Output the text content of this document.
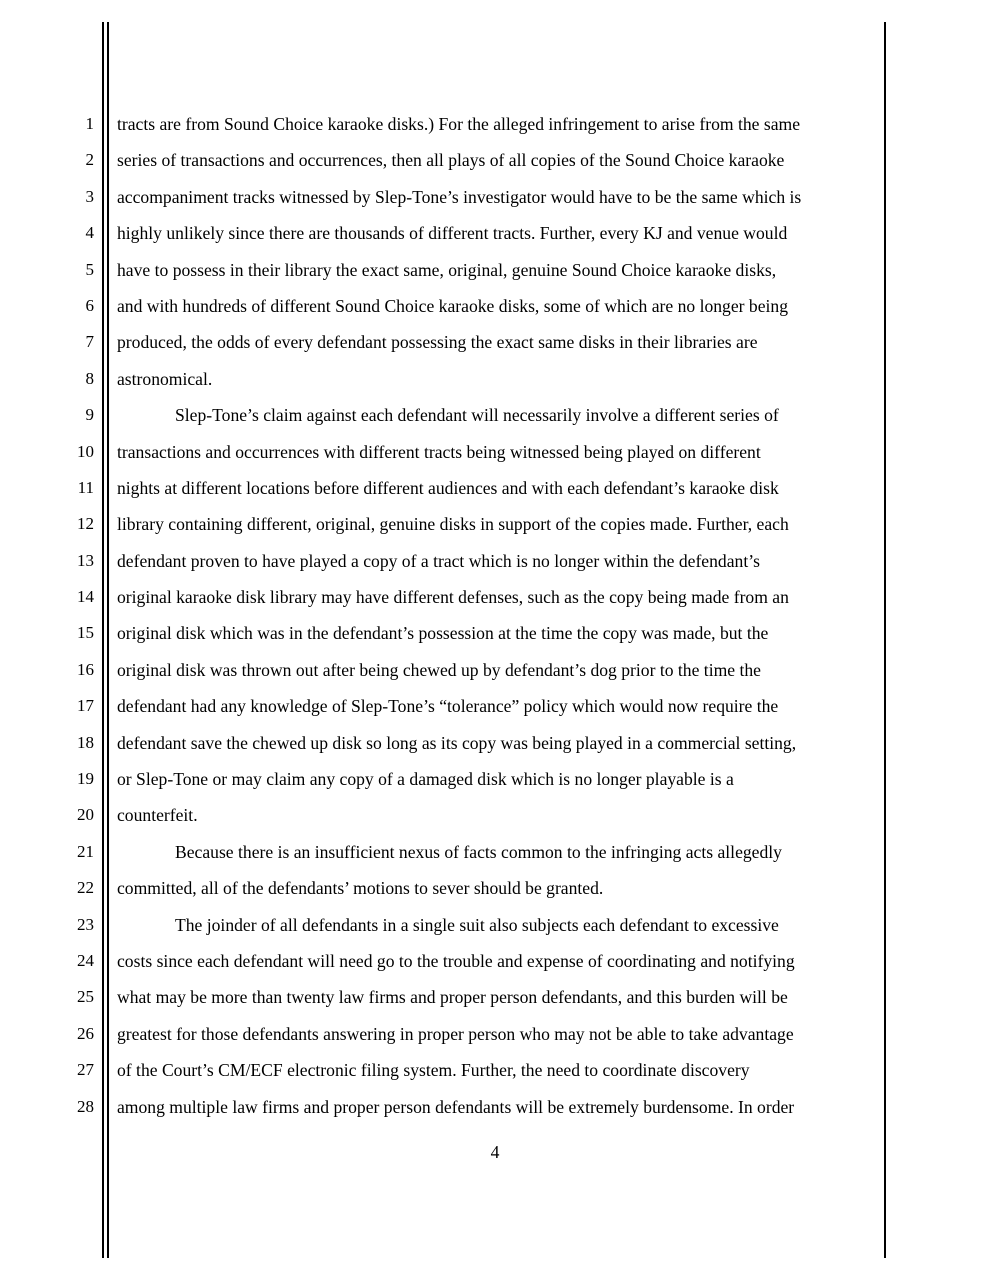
1
2
3
4
5
6
7
8
9
10
11
12
13
14
15
16
17
18
19
20
21
22
23
24
25
26
27
28
tracts are from Sound Choice karaoke disks.) For the alleged infringement to arise from the same
series of transactions and occurrences, then all plays of all copies of the Sound Choice karaoke
accompaniment tracks witnessed by Slep-Tone’s investigator would have to be the same which is
highly unlikely since there are thousands of different tracts. Further, every KJ and venue would
have to possess in their library the exact same, original, genuine Sound Choice karaoke disks,
and with hundreds of different Sound Choice karaoke disks, some of which are no longer being
produced, the odds of every defendant possessing the exact same disks in their libraries are
astronomical.
Slep-Tone’s claim against each defendant will necessarily involve a different series of
transactions and occurrences with different tracts being witnessed being played on different
nights at different locations before different audiences and with each defendant’s karaoke disk
library containing different, original, genuine disks in support of the copies made. Further, each
defendant proven to have played a copy of a tract which is no longer within the defendant’s
original karaoke disk library may have different defenses, such as the copy being made from an
original disk which was in the defendant’s possession at the time the copy was made, but the
original disk was thrown out after being chewed up by defendant’s dog prior to the time the
defendant had any knowledge of Slep-Tone’s “tolerance” policy which would now require the
defendant save the chewed up disk so long as its copy was being played in a commercial setting,
or Slep-Tone or may claim any copy of a damaged disk which is no longer playable is a
counterfeit.
Because there is an insufficient nexus of facts common to the infringing acts allegedly
committed, all of the defendants’ motions to sever should be granted.
The joinder of all defendants in a single suit also subjects each defendant to excessive
costs since each defendant will need go to the trouble and expense of coordinating and notifying
what may be more than twenty law firms and proper person defendants, and this burden will be
greatest for those defendants answering in proper person who may not be able to take advantage
of the Court’s CM/ECF electronic filing system. Further, the need to coordinate discovery
among multiple law firms and proper person defendants will be extremely burdensome. In order
4
